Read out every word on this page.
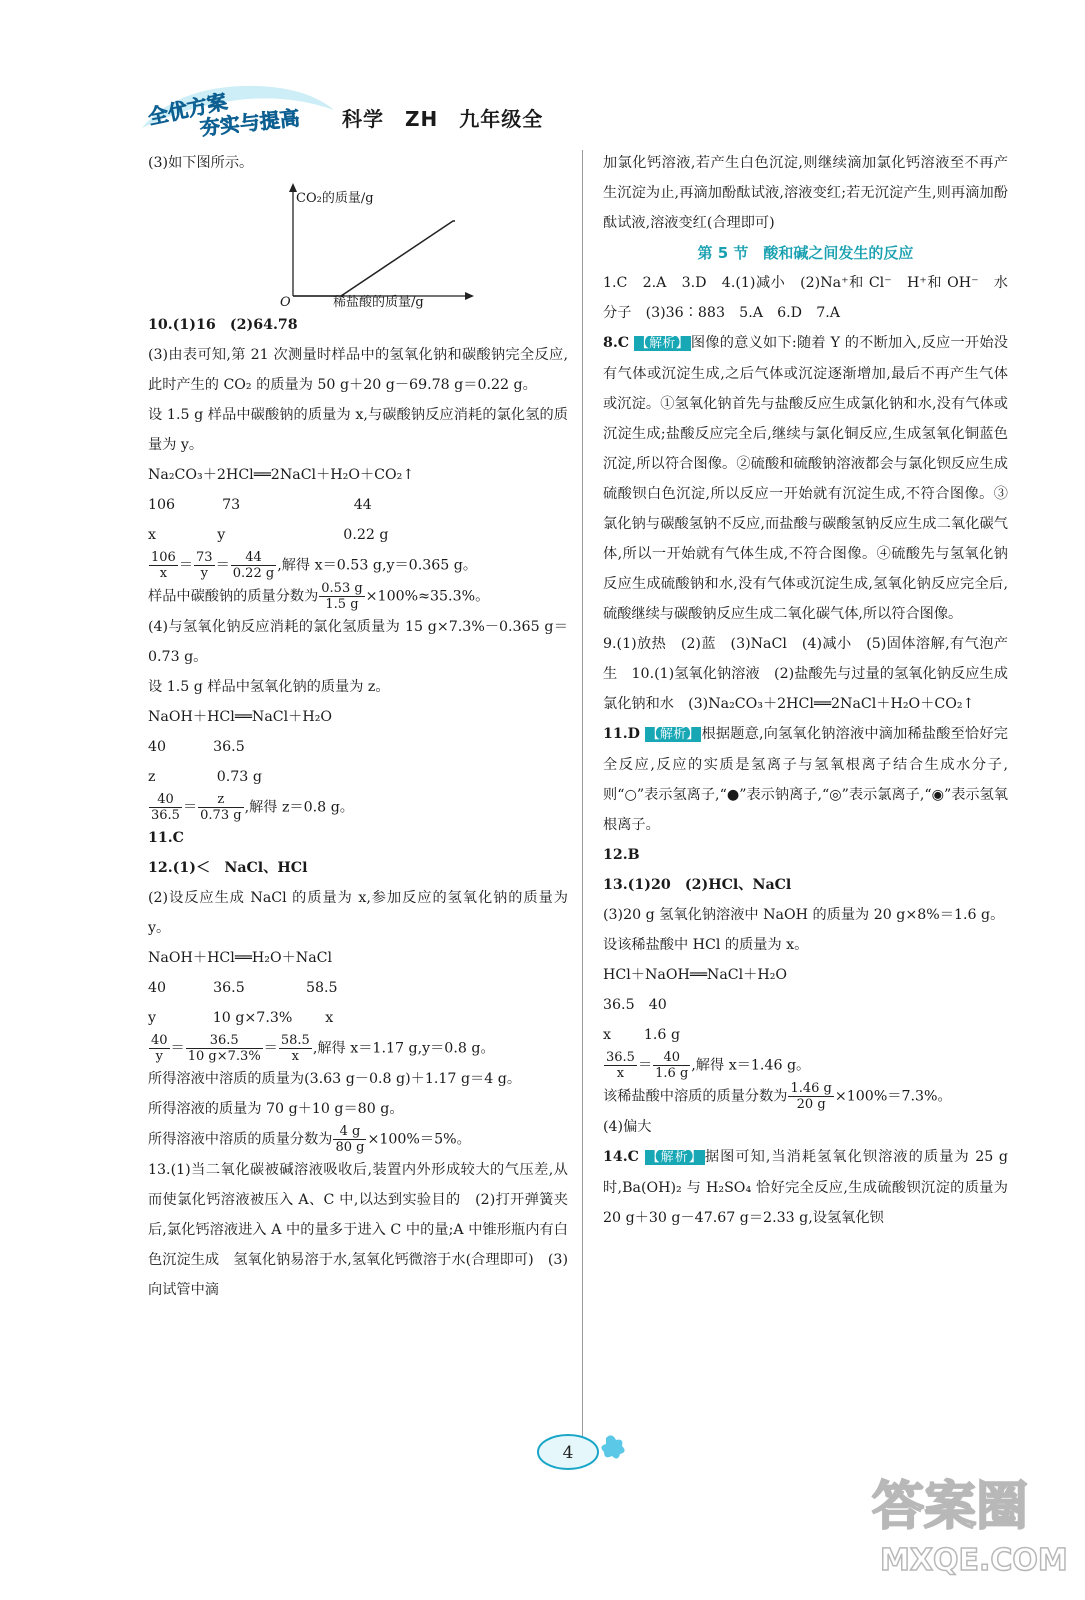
全优方案
夯实与提高 科学　ZH　九年级全

(3)如下图所示。

CO₂的质量/g
O	稀盐酸的质量/g

10.(1)16　(2)64.78

(3)由表可知,第 21 次测量时样品中的氢氧化钠和碳酸钠完全反应,此时产生的 CO₂ 的质量为 50 g＋20 g－69.78 g＝0.22 g。

设 1.5 g 样品中碳酸钠的质量为 x,与碳酸钠反应消耗的氯化氢的质量为 y。

Na₂CO₃＋2HCl══2NaCl＋H₂O＋CO₂↑

106　　　 73　　　　　　　　44

x　　　　 y　　　　　　　　 0.22 g

$\frac{106}{x} = \frac{73}{y} = \frac{44}{0.22 g}$ ,解得 x＝0.53 g,y＝0.365 g。

样品中碳酸钠的质量分数为 $\frac{0.53 g}{1.5 g} \times 100\%\approx 35.3\%$。

(4)与氢氧化钠反应消耗的氯化氢质量为 15 g×7.3%－0.365 g＝0.73 g。

设 1.5 g 样品中氢氧化钠的质量为 z。

NaOH＋HCl══NaCl＋H₂O

40　　　 36.5

z　　　　 0.73 g

$\frac{40}{36.5} = \frac{z}{0.73 g}$ ,解得 z＝0.8 g。

11.C

12.(1)＜　NaCl、HCl

(2)设反应生成 NaCl 的质量为 x,参加反应的氢氧化钠的质量为 y。

NaOH＋HCl══H₂O＋NaCl

40　　　 36.5　　　　 58.5

y　　　　10 g×7.3%　　 x

$\frac{40}{y} = \frac{36.5}{10 g\times 7.3\%} = \frac{58.5}{x}$ ,解得 x＝1.17 g,y＝0.8 g。

所得溶液中溶质的质量为(3.63 g－0.8 g)＋1.17 g＝4 g。

所得溶液的质量为 70 g＋10 g＝80 g。

所得溶液中溶质的质量分数为 $\frac{4 g}{80 g} \times 100\%=5\%$。

13.(1)当二氧化碳被碱溶液吸收后,装置内外形成较大的气压差,从而使氯化钙溶液被压入 A、C 中,以达到实验目的　(2)打开弹簧夹后,氯化钙溶液进入 A 中的量多于进入 C 中的量;A 中锥形瓶内有白色沉淀生成　氢氧化钠易溶于水,氢氧化钙微溶于水(合理即可)　(3)向试管中滴

加氯化钙溶液,若产生白色沉淀,则继续滴加氯化钙溶液至不再产生沉淀为止,再滴加酚酞试液,溶液变红;若无沉淀产生,则再滴加酚酞试液,溶液变红(合理即可)

第 5 节　酸和碱之间发生的反应

1.C　2.A　3.D　4.(1)减小　(2)Na⁺和 Cl⁻　H⁺和 OH⁻　水分子　(3)36∶883　5.A　6.D　7.A

8.C 【解析】 图像的意义如下:随着 Y 的不断加入,反应一开始没有气体或沉淀生成,之后气体或沉淀逐渐增加,最后不再产生气体或沉淀。①氢氧化钠首先与盐酸反应生成氯化钠和水,没有气体或沉淀生成;盐酸反应完全后,继续与氯化铜反应,生成氢氧化铜蓝色沉淀,所以符合图像。②硫酸和硫酸钠溶液都会与氯化钡反应生成硫酸钡白色沉淀,所以反应一开始就有沉淀生成,不符合图像。③氯化钠与碳酸氢钠不反应,而盐酸与碳酸氢钠反应生成二氧化碳气体,所以一开始就有气体生成,不符合图像。④硫酸先与氢氧化钠反应生成硫酸钠和水,没有气体或沉淀生成,氢氧化钠反应完全后,硫酸继续与碳酸钠反应生成二氧化碳气体,所以符合图像。

9.(1)放热　(2)蓝　(3)NaCl　(4)减小　(5)固体溶解,有气泡产生　10.(1)氢氧化钠溶液　(2)盐酸先与过量的氢氧化钠反应生成氯化钠和水　(3)Na₂CO₃＋2HCl══2NaCl＋H₂O＋CO₂↑

11.D 【解析】 根据题意,向氢氧化钠溶液中滴加稀盐酸至恰好完全反应,反应的实质是氢离子与氢氧根离子结合生成水分子,则“○”表示氢离子,“●”表示钠离子,“◎”表示氯离子,“◉”表示氢氧根离子。

12.B

13.(1)20　(2)HCl、NaCl

(3)20 g 氢氧化钠溶液中 NaOH 的质量为 20 g×8%＝1.6 g。

设该稀盐酸中 HCl 的质量为 x。

HCl＋NaOH══NaCl＋H₂O

36.5　40

x　　 1.6 g

$\frac{36.5}{x} = \frac{40}{1.6 g}$ ,解得 x＝1.46 g。

该稀盐酸中溶质的质量分数为 $\frac{1.46 g}{20 g} \times 100\%=7.3\%$。

(4)偏大

14.C 【解析】 据图可知,当消耗氢氧化钡溶液的质量为 25 g 时,Ba(OH)₂ 与 H₂SO₄ 恰好完全反应,生成硫酸钡沉淀的质量为 20 g＋30 g－47.67 g＝2.33 g,设氢氧化钡

4
答案圈
MXQE.COM
